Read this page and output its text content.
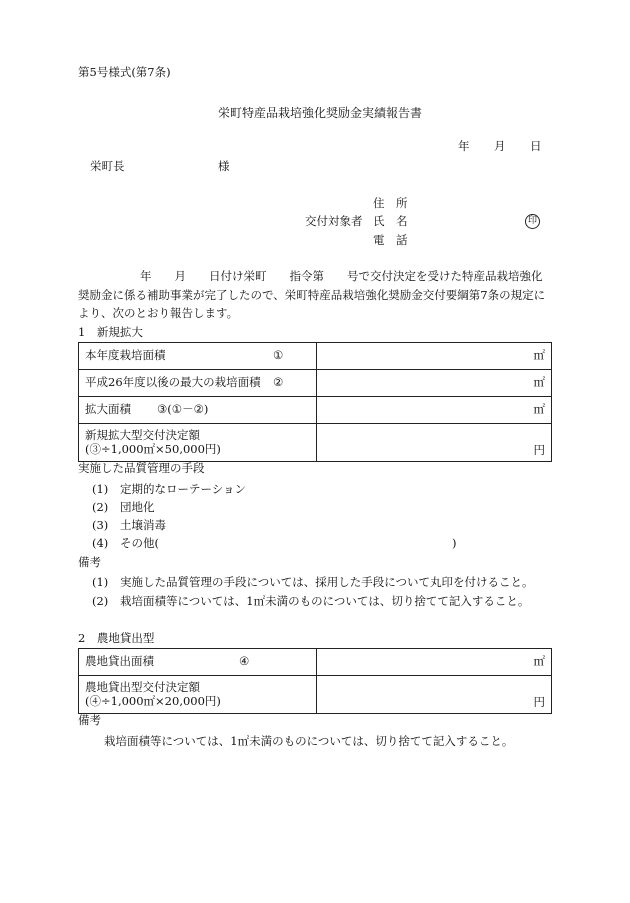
第5号様式(第7条)
栄町特産品栽培強化奨励金実績報告書
年 月 日
栄町長	様
住　所
交付対象者 氏　名	印
電　話
年　　月　　日付け栄町　　指令第　　号で交付決定を受けた特産品栽培強化
奨励金に係る補助事業が完了したので、栄町特産品栽培強化奨励金交付要綱第7条の規定に
より、次のとおり報告します。
1　新規拡大
本年度栽培面積 ①	㎡
平成26年度以後の最大の栽培面積 ②	㎡
拡大面積 ③(①－②)	㎡

新規拡大型交付決定額
(③÷1,000㎡×50,000円)	円
実施した品質管理の手段
(1) 定期的なローテーション
(2) 団地化
(3) 土壌消毒
(4) その他(	)
備考
(1) 実施した品質管理の手段については、採用した手段について丸印を付けること。
(2) 栽培面積等については、1㎡未満のものについては、切り捨てて記入すること。
2　農地貸出型
農地貸出面積 ④	㎡

農地貸出型交付決定額
(④÷1,000㎡×20,000円)	円
備考
栽培面積等については、1㎡未満のものについては、切り捨てて記入すること。
